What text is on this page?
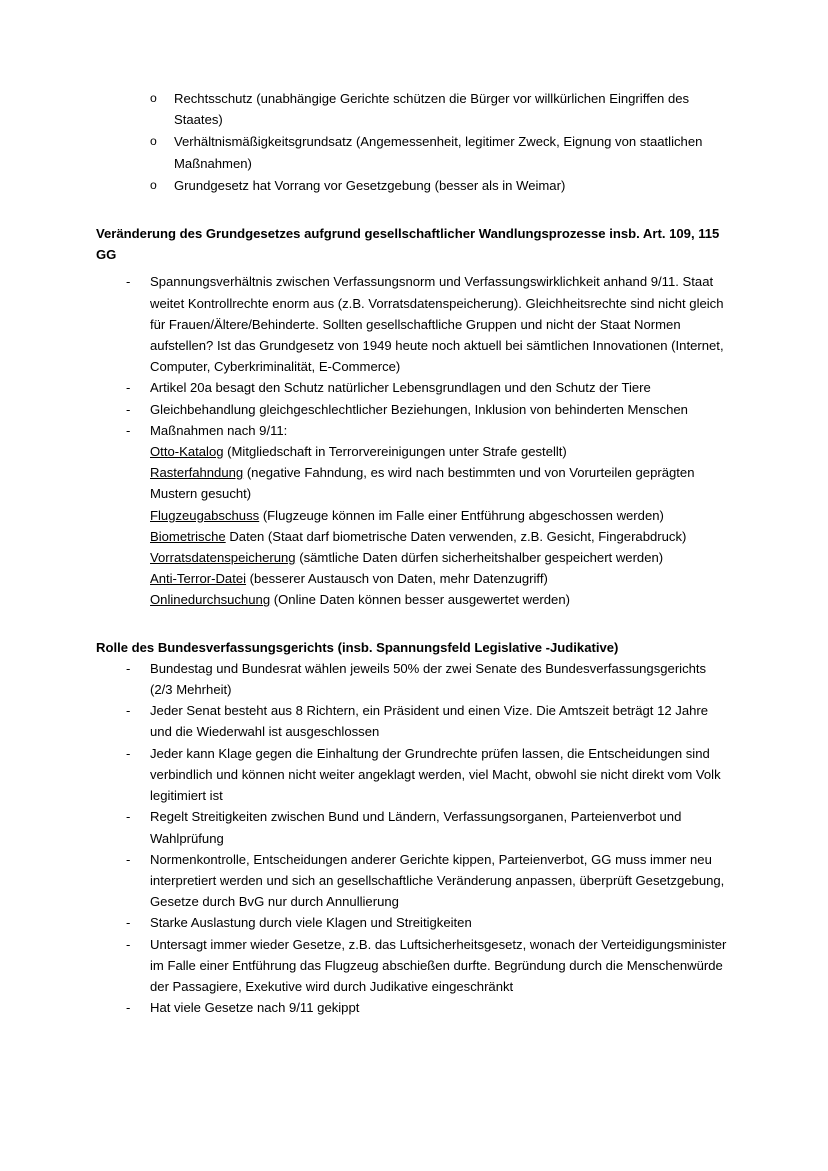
o Rechtsschutz (unabhängige Gerichte schützen die Bürger vor willkürlichen Eingriffen des Staates)
o Verhältnismäßigkeitsgrundsatz (Angemessenheit, legitimer Zweck, Eignung von staatlichen Maßnahmen)
o Grundgesetz hat Vorrang vor Gesetzgebung (besser als in Weimar)
Veränderung des Grundgesetzes aufgrund gesellschaftlicher Wandlungsprozesse insb. Art. 109, 115 GG
- Spannungsverhältnis zwischen Verfassungsnorm und Verfassungswirklichkeit anhand 9/11. Staat weitet Kontrollrechte enorm aus (z.B. Vorratsdatenspeicherung). Gleichheitsrechte sind nicht gleich für Frauen/Ältere/Behinderte. Sollten gesellschaftliche Gruppen und nicht der Staat Normen aufstellen? Ist das Grundgesetz von 1949 heute noch aktuell bei sämtlichen Innovationen (Internet, Computer, Cyberkriminalität, E-Commerce)
- Artikel 20a besagt den Schutz natürlicher Lebensgrundlagen und den Schutz der Tiere
- Gleichbehandlung gleichgeschlechtlicher Beziehungen, Inklusion von behinderten Menschen
- Maßnahmen nach 9/11:
Otto-Katalog (Mitgliedschaft in Terrorvereinigungen unter Strafe gestellt)
Rasterfahndung (negative Fahndung, es wird nach bestimmten und von Vorurteilen geprägten Mustern gesucht)
Flugzeugabschuss (Flugzeuge können im Falle einer Entführung abgeschossen werden)
Biometrische Daten (Staat darf biometrische Daten verwenden, z.B. Gesicht, Fingerabdruck)
Vorratsdatenspeicherung (sämtliche Daten dürfen sicherheitshalber gespeichert werden)
Anti-Terror-Datei (besserer Austausch von Daten, mehr Datenzugriff)
Onlinedurchsuchung (Online Daten können besser ausgewertet werden)
Rolle des Bundesverfassungsgerichts (insb. Spannungsfeld Legislative -Judikative)
- Bundestag und Bundesrat wählen jeweils 50% der zwei Senate des Bundesverfassungsgerichts (2/3 Mehrheit)
- Jeder Senat besteht aus 8 Richtern, ein Präsident und einen Vize. Die Amtszeit beträgt 12 Jahre und die Wiederwahl ist ausgeschlossen
- Jeder kann Klage gegen die Einhaltung der Grundrechte prüfen lassen, die Entscheidungen sind verbindlich und können nicht weiter angeklagt werden, viel Macht, obwohl sie nicht direkt vom Volk legitimiert ist
- Regelt Streitigkeiten zwischen Bund und Ländern, Verfassungsorganen, Parteienverbot und Wahlprüfung
- Normenkontrolle, Entscheidungen anderer Gerichte kippen, Parteienverbot, GG muss immer neu interpretiert werden und sich an gesellschaftliche Veränderung anpassen, überprüft Gesetzgebung, Gesetze durch BvG nur durch Annullierung
- Starke Auslastung durch viele Klagen und Streitigkeiten
- Untersagt immer wieder Gesetze, z.B. das Luftsicherheitsgesetz, wonach der Verteidigungsminister im Falle einer Entführung das Flugzeug abschießen durfte. Begründung durch die Menschenwürde der Passagiere, Exekutive wird durch Judikative eingeschränkt
- Hat viele Gesetze nach 9/11 gekippt
